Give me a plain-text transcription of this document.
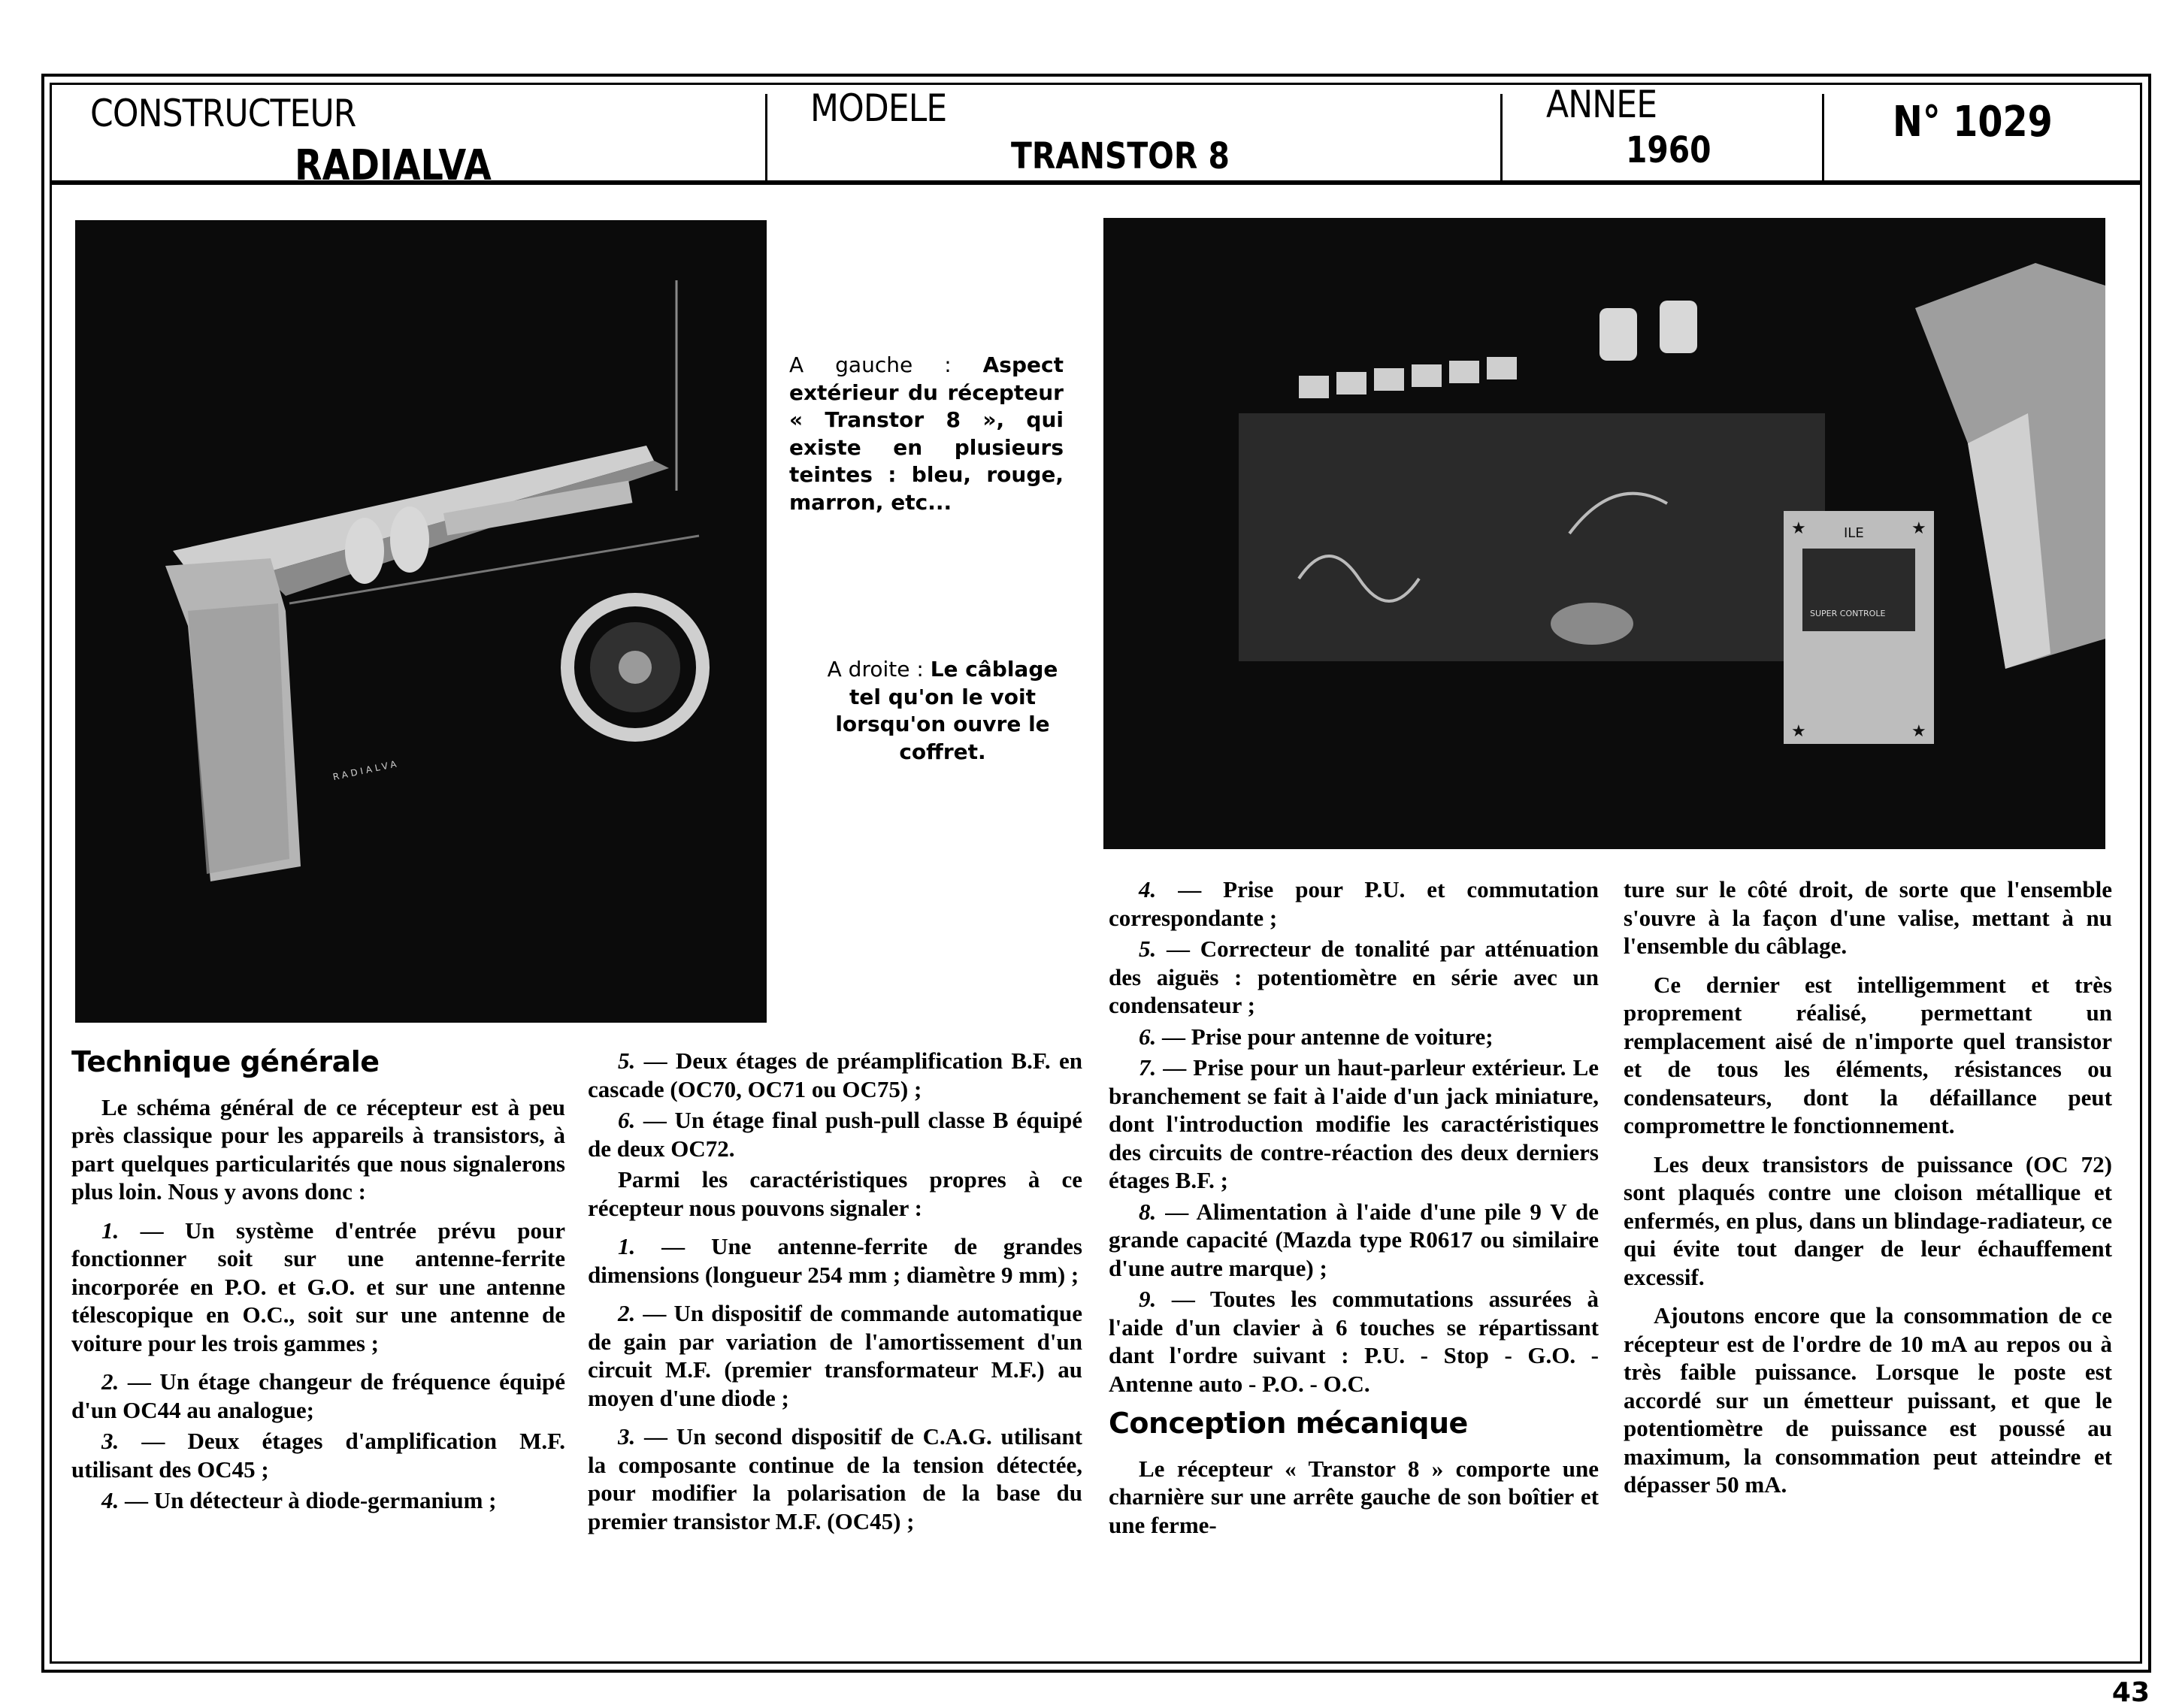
CONSTRUCTEUR
RADIALVA
MODELE
TRANSTOR 8
ANNEE
1960
N° 1029
RADIALVA
A gauche : Aspect extérieur du récepteur « Transtor 8 », qui existe en plusieurs teintes : bleu, rouge, marron, etc...
A droite : Le câblage tel qu'on le voit lorsqu'on ouvre le coffret.
ILE
SUPER CONTROLE
★	★
★	★
Technique générale

Le schéma général de ce récepteur est à peu près classique pour les appareils à transistors, à part quelques particularités que nous signalerons plus loin. Nous y avons donc :

1. — Un système d'entrée prévu pour fonctionner soit sur une antenne-ferrite incorporée en P.O. et G.O. et sur une antenne télescopique en O.C., soit sur une antenne de voiture pour les trois gammes ;

2. — Un étage changeur de fréquence équipé d'un OC44 au analogue;

3. — Deux étages d'amplification M.F. utilisant des OC45 ;

4. — Un détecteur à diode-germanium ;

5. — Deux étages de préamplification B.F. en cascade (OC70, OC71 ou OC75) ;

6. — Un étage final push-pull classe B équipé de deux OC72.

Parmi les caractéristiques propres à ce récepteur nous pouvons signaler :

1. — Une antenne-ferrite de grandes dimensions (longueur 254 mm ; diamètre 9 mm) ;

2. — Un dispositif de commande automatique de gain par variation de l'amortissement d'un circuit M.F. (premier transformateur M.F.) au moyen d'une diode ;

3. — Un second dispositif de C.A.G. utilisant la composante continue de la tension détectée, pour modifier la polarisation de la base du premier transistor M.F. (OC45) ;

4. — Prise pour P.U. et commutation correspondante ;

5. — Correcteur de tonalité par atténuation des aiguës : potentiomètre en série avec un condensateur ;

6. — Prise pour antenne de voiture;

7. — Prise pour un haut-parleur extérieur. Le branchement se fait à l'aide d'un jack miniature, dont l'introduction modifie les caractéristiques des circuits de contre-réaction des deux derniers étages B.F. ;

8. — Alimentation à l'aide d'une pile 9 V de grande capacité (Mazda type R0617 ou similaire d'une autre marque) ;

9. — Toutes les commutations assurées à l'aide d'un clavier à 6 touches se répartissant dant l'ordre suivant : P.U. - Stop - G.O. - Antenne auto - P.O. - O.C.

Conception mécanique

Le récepteur « Transtor 8 » comporte une charnière sur une arrête gauche de son boîtier et une ferme-

ture sur le côté droit, de sorte que l'ensemble s'ouvre à la façon d'une valise, mettant à nu l'ensemble du câblage.

Ce dernier est intelligemment et très proprement réalisé, permettant un remplacement aisé de n'importe quel transistor et de tous les éléments, résistances ou condensateurs, dont la défaillance peut compromettre le fonctionnement.

Les deux transistors de puissance (OC 72) sont plaqués contre une cloison métallique et enfermés, en plus, dans un blindage-radiateur, ce qui évite tout danger de leur échauffement excessif.

Ajoutons encore que la consommation de ce récepteur est de l'ordre de 10 mA au repos ou à très faible puissance. Lorsque le poste est accordé sur un émetteur puissant, et que le potentiomètre de puissance est poussé au maximum, la consommation peut atteindre et dépasser 50 mA.

43
